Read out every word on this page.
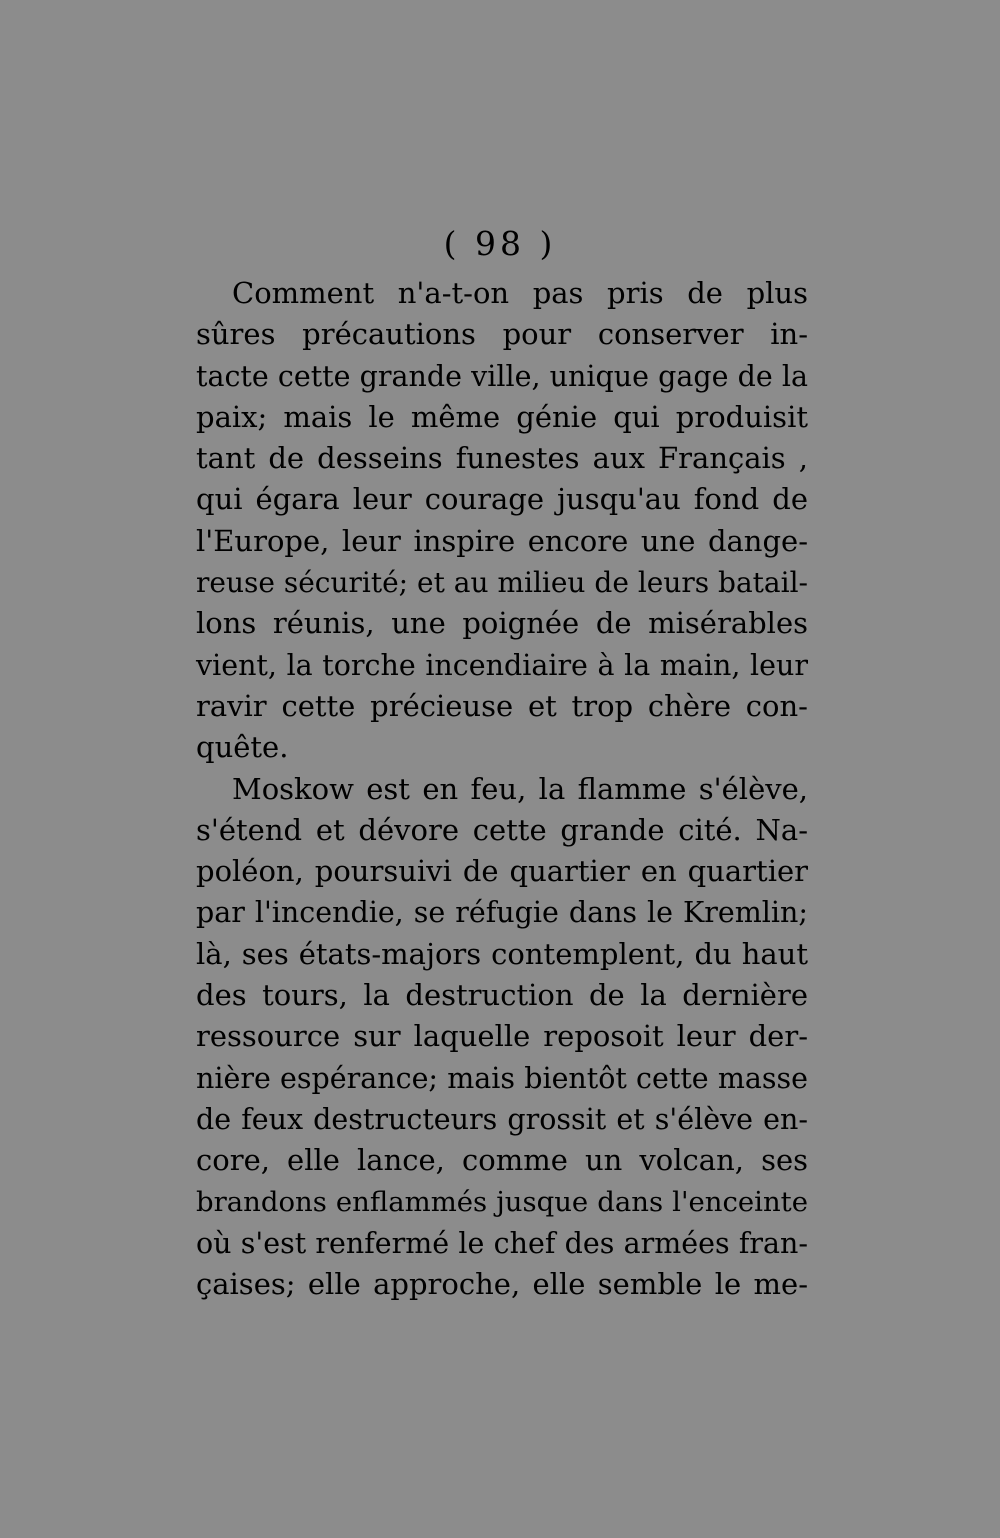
( 98 )
Comment n'a-t-on pas pris de plus
sûres précautions pour conserver in-
tacte cette grande ville, unique gage de la
paix; mais le même génie qui produisit
tant de desseins funestes aux Français ,
qui égara leur courage jusqu'au fond de
l'Europe, leur inspire encore une dange-
reuse sécurité; et au milieu de leurs batail-
lons réunis, une poignée de misérables
vient, la torche incendiaire à la main, leur
ravir cette précieuse et trop chère con-
quête.
Moskow est en feu, la flamme s'élève,
s'étend et dévore cette grande cité. Na-
poléon, poursuivi de quartier en quartier
par l'incendie, se réfugie dans le Kremlin;
là, ses états-majors contemplent, du haut
des tours, la destruction de la dernière
ressource sur laquelle reposoit leur der-
nière espérance; mais bientôt cette masse
de feux destructeurs grossit et s'élève en-
core, elle lance, comme un volcan, ses
brandons enflammés jusque dans l'enceinte
où s'est renfermé le chef des armées fran-
çaises; elle approche, elle semble le me-
